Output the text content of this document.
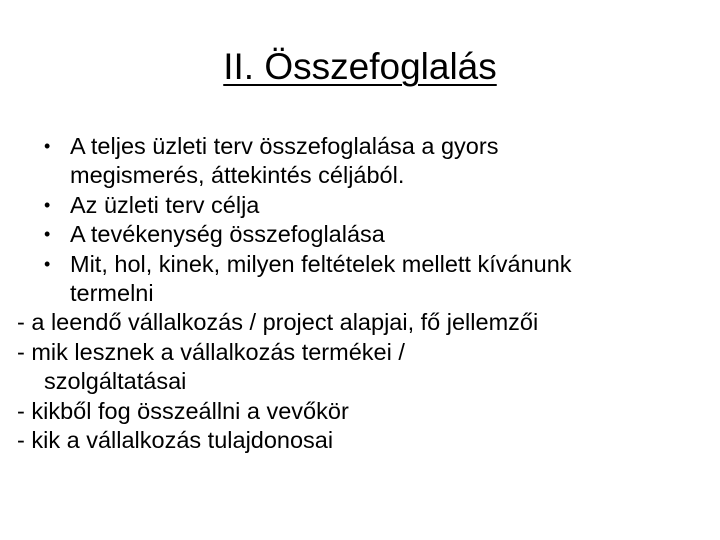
II. Összefoglalás
• A teljes üzleti terv összefoglalása a gyors
megismerés, áttekintés céljából.
• Az üzleti terv célja
• A tevékenység összefoglalása
• Mit, hol, kinek, milyen feltételek mellett kívánunk
termelni
- a leendő vállalkozás / project alapjai, fő jellemzői
- mik lesznek a vállalkozás termékei /
szolgáltatásai
- kikből fog összeállni a vevőkör
- kik a vállalkozás tulajdonosai
